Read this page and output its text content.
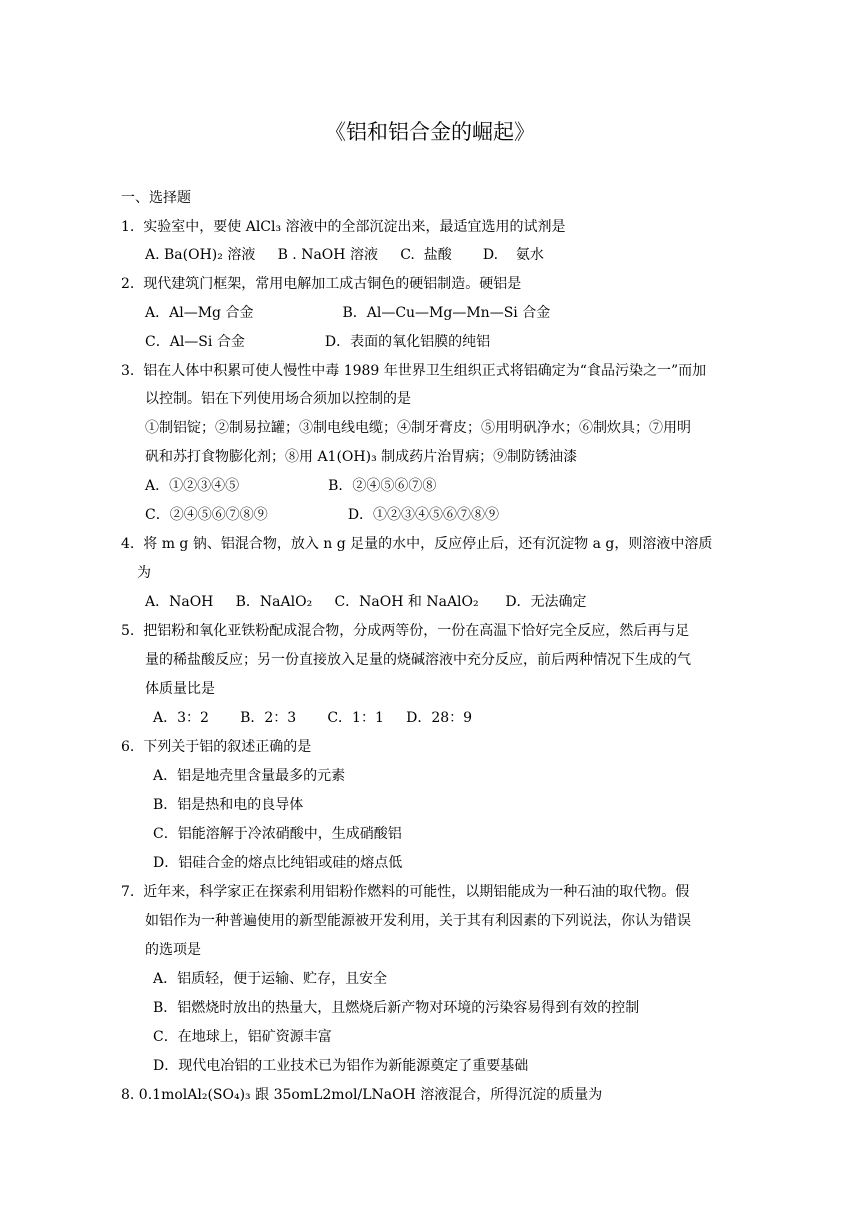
《铝和铝合金的崛起》
一、选择题
1.  实验室中，要使 AlCl₃ 溶液中的全部沉淀出来，最适宜选用的试剂是
A. Ba(OH)₂ 溶液     B . NaOH 溶液     C.  盐酸       D.    氨水
2.  现代建筑门框架，常用电解加工成古铜色的硬铝制造。硬铝是
A．Al—Mg 合金                    B．Al—Cu—Mg—Mn—Si 合金
C．Al—Si 合金                  D．表面的氧化铝膜的纯铝
3.  铝在人体中积累可使人慢性中毒 1989 年世界卫生组织正式将铝确定为“食品污染之一”而加
以控制。铝在下列使用场合须加以控制的是
①制铝锭；②制易拉罐；③制电线电缆；④制牙膏皮；⑤用明矾净水；⑥制炊具；⑦用明
矾和苏打食物膨化剂；⑧用 A1(OH)₃ 制成药片治胃病；⑨制防锈油漆
A．①②③④⑤                    B．②④⑤⑥⑦⑧
C．②④⑤⑥⑦⑧⑨                  D．①②③④⑤⑥⑦⑧⑨
4.  将 m g 钠、铝混合物，放入 n g 足量的水中，反应停止后，还有沉淀物 a g，则溶液中溶质
为
A．NaOH     B．NaAlO₂     C．NaOH 和 NaAlO₂      D．无法确定
5.  把铝粉和氧化亚铁粉配成混合物，分成两等份，一份在高温下恰好完全反应，然后再与足
量的稀盐酸反应；另一份直接放入足量的烧碱溶液中充分反应，前后两种情况下生成的气
体质量比是
A．3：2       B．2：3       C．1：1     D．28：9
6.  下列关于铝的叙述正确的是
A．铝是地壳里含量最多的元素
B．铝是热和电的良导体
C．铝能溶解于冷浓硝酸中，生成硝酸铝
D．铝硅合金的熔点比纯铝或硅的熔点低
7.  近年来，科学家正在探索利用铝粉作燃料的可能性，以期铝能成为一种石油的取代物。假
如铝作为一种普遍使用的新型能源被开发利用，关于其有利因素的下列说法，你认为错误
的选项是
A．铝质轻，便于运输、贮存，且安全
B．铝燃烧时放出的热量大，且燃烧后新产物对环境的污染容易得到有效的控制
C．在地球上，铝矿资源丰富
D．现代电冶铝的工业技术已为铝作为新能源奠定了重要基础
8. 0.1molAl₂(SO₄)₃ 跟 35omL2mol/LNaOH 溶液混合，所得沉淀的质量为
